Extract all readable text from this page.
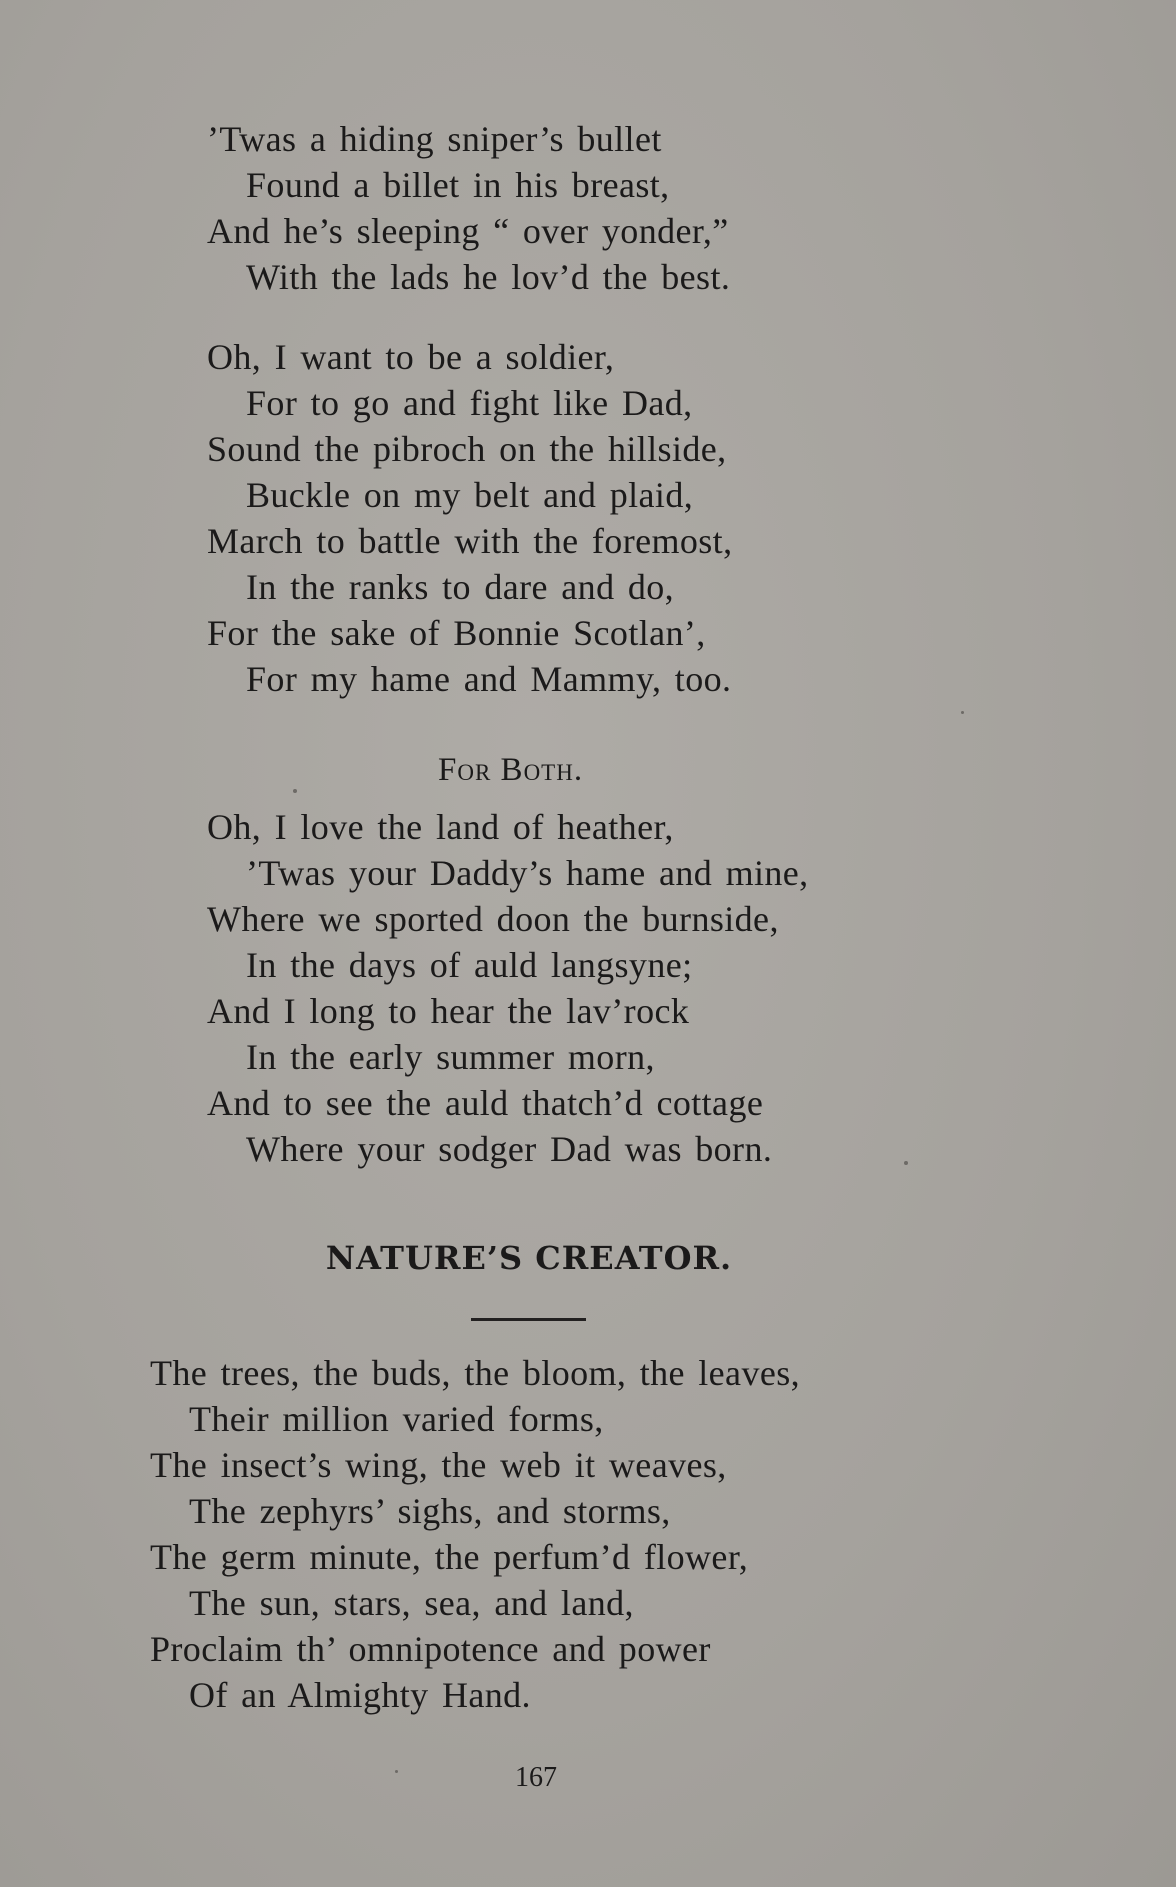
’Twas a hiding sniper’s bullet
Found a billet in his breast,
And he’s sleeping “ over yonder,”
With the lads he lov’d the best.
Oh, I want to be a soldier,
For to go and fight like Dad,
Sound the pibroch on the hillside,
Buckle on my belt and plaid,
March to battle with the foremost,
In the ranks to dare and do,
For the sake of Bonnie Scotlan’,
For my hame and Mammy, too.
For Both.
Oh, I love the land of heather,
’Twas your Daddy’s hame and mine,
Where we sported doon the burnside,
In the days of auld langsyne;
And I long to hear the lav’rock
In the early summer morn,
And to see the auld thatch’d cottage
Where your sodger Dad was born.
NATURE’S CREATOR.
The trees, the buds, the bloom, the leaves,
Their million varied forms,
The insect’s wing, the web it weaves,
The zephyrs’ sighs, and storms,
The germ minute, the perfum’d flower,
The sun, stars, sea, and land,
Proclaim th’ omnipotence and power
Of an Almighty Hand.
167
